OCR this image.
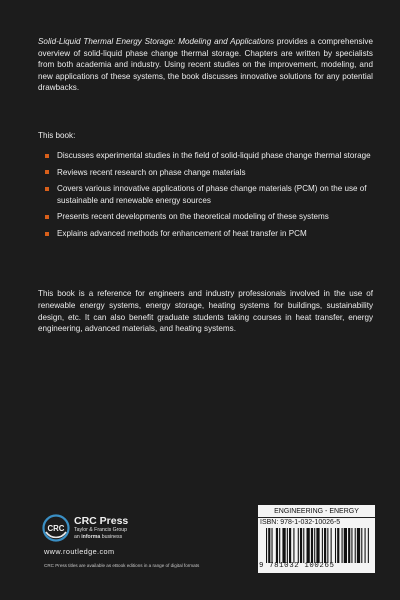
Solid-Liquid Thermal Energy Storage: Modeling and Applications provides a comprehensive overview of solid-liquid phase change thermal storage. Chapters are written by specialists from both academia and industry. Using recent studies on the improvement, modeling, and new applications of these systems, the book discusses innovative solutions for any potential drawbacks.

This book:
Discusses experimental studies in the field of solid-liquid phase change thermal storage
Reviews recent research on phase change materials
Covers various innovative applications of phase change materials (PCM) on the use of sustainable and renewable energy sources
Presents recent developments on the theoretical modeling of these systems
Explains advanced methods for enhancement of heat transfer in PCM

This book is a reference for engineers and industry professionals involved in the use of renewable energy systems, energy storage, heating systems for buildings, sustainability design, etc. It can also benefit graduate students taking courses in heat transfer, energy engineering, advanced materials, and heating systems.

CRC
CRC Press
Taylor & Francis Group
an informa business
www.routledge.com
CRC Press titles are available as eBook editions in a range of digital formats
ENGINEERING - ENERGY
ISBN: 978-1-032-10026-5
9 781032 100265
